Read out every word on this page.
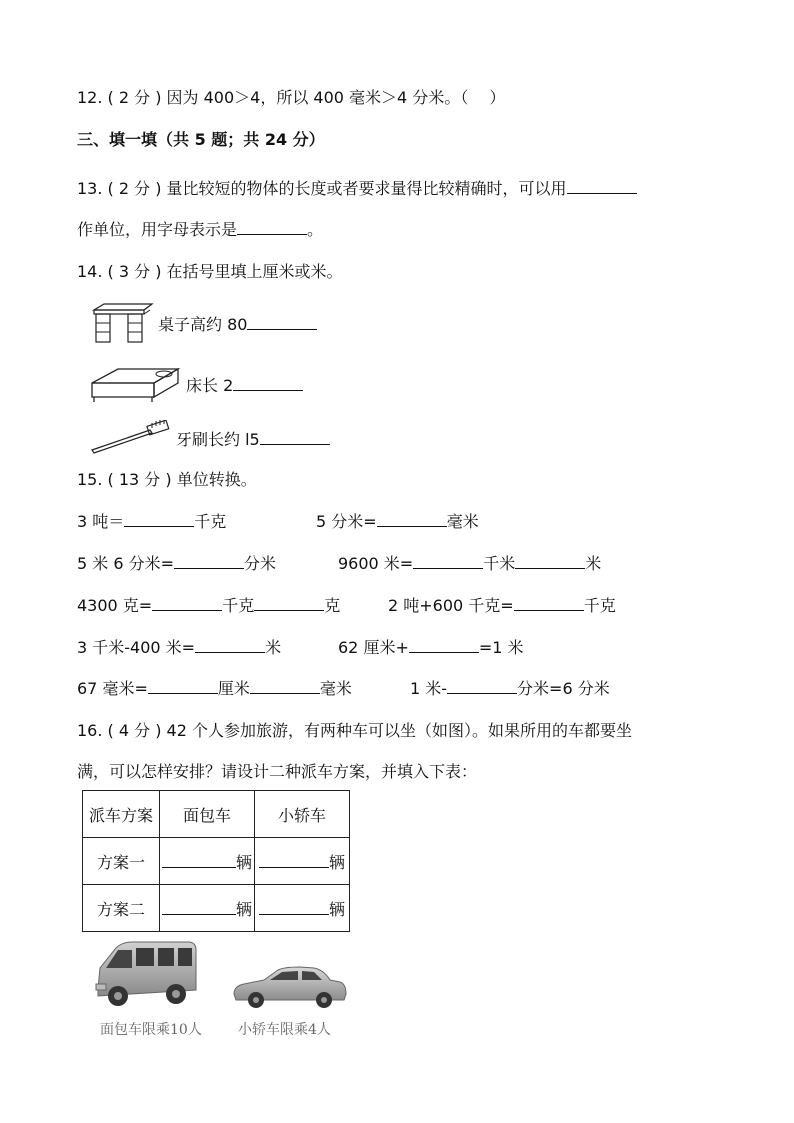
12. ( 2 分 ) 因为 400＞4，所以 400 毫米＞4 分米。（　 ）
三、填一填（共 5 题；共 24 分）
13. ( 2 分 ) 量比较短的物体的长度或者要求量得比较精确时，可以用
作单位，用字母表示是	。
14. ( 3 分 ) 在括号里填上厘米或米。
桌子高约 80
床长 2
牙刷长约 l5
15. ( 13 分 ) 单位转换。
3 吨＝	千克	5 分米=	毫米
5 米 6 分米=	分米	9600 米=	千米	米
4300 克=	千克	克	2 吨+600 千克=	千克
3 千米-400 米=	米	62 厘米+	=1 米
67 毫米=	厘米	毫米	1 米-	分米=6 分米
16. ( 4 分 ) 42 个人参加旅游，有两种车可以坐（如图）。如果所用的车都要坐
满，可以怎样安排？请设计二种派车方案，并填入下表：
派车方案	面包车	小轿车
方案一	辆	辆
方案二	辆	辆
面包车限乘10人	小轿车限乘4人
